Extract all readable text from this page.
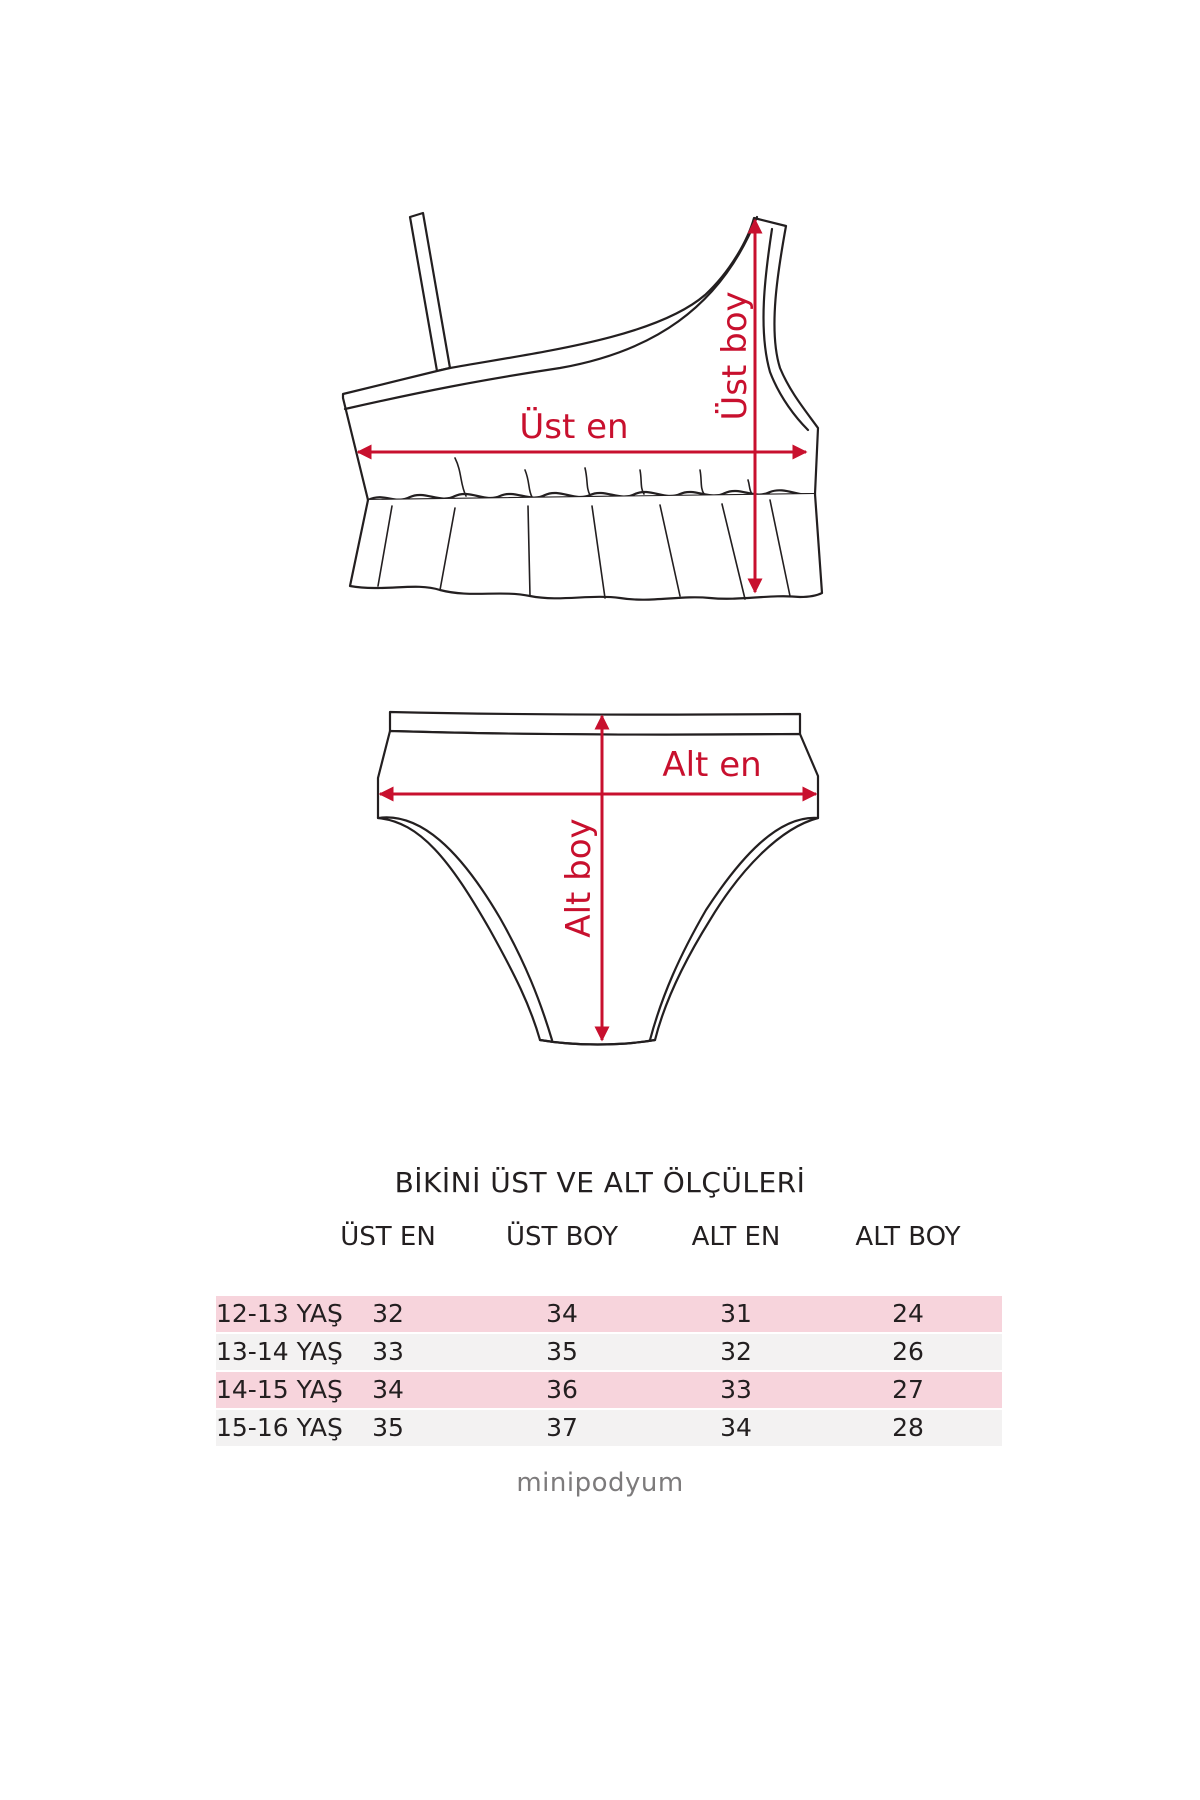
Üst en
Üst boy
Alt en
Alt boy
BİKİNİ ÜST VE ALT ÖLÇÜLERİ
ÜST EN	ÜST BOY	ALT EN	ALT BOY
12-13 YAŞ 32	34	31	24
13-14 YAŞ 33	35	32	26
14-15 YAŞ 34	36	33	27
15-16 YAŞ 35	37	34	28
minipodyum
